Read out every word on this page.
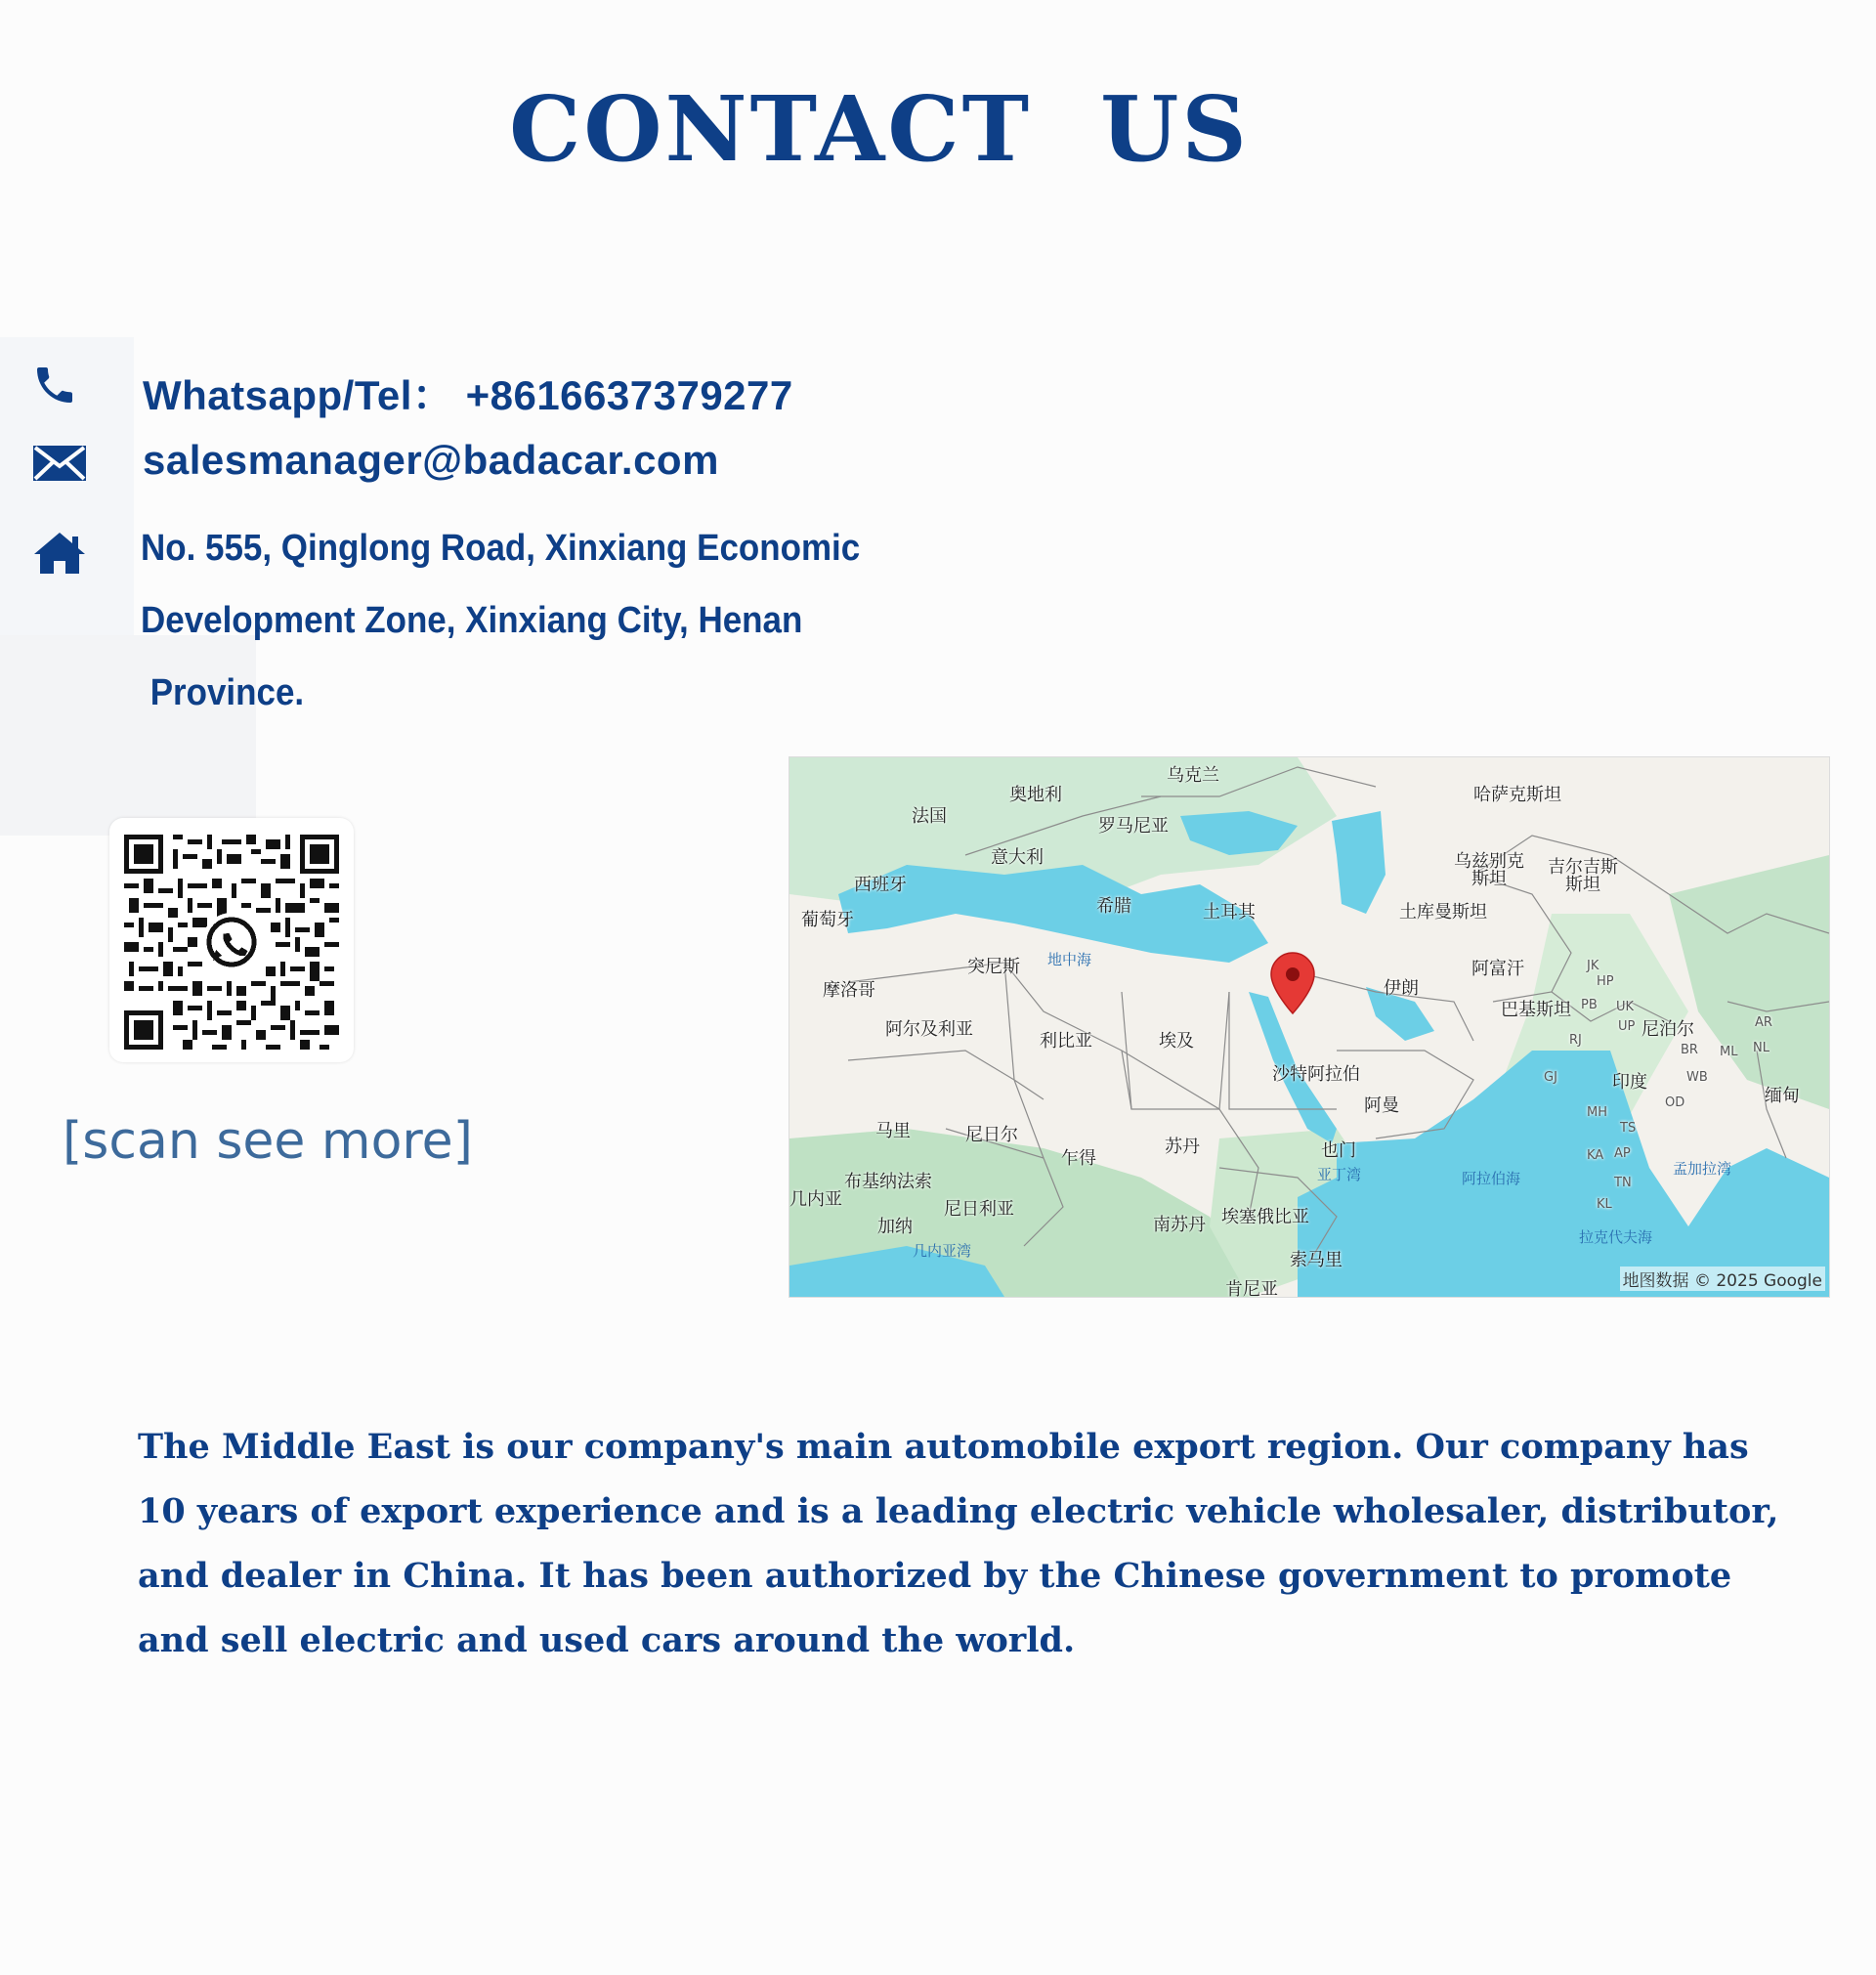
CONTACT  US
Whatsapp/Tel： +8616637379277
salesmanager@badacar.com
No. 555, Qinglong Road, Xinxiang Economic
Development Zone, Xinxiang City, Henan
Province.
[scan see more]
乌克兰
奥地利	哈萨克斯坦
法国	罗马尼亚
意大利	乌兹别克
斯坦
吉尔吉斯
斯坦
西班牙
葡萄牙
希腊	土耳其	土库曼斯坦
突尼斯 地中海
伊朗
阿富汗
摩洛哥
巴基斯坦
JK
HP
PB UK
UP 尼泊尔	AR
NL
RJ
BR ML
阿尔及利亚
利比亚	埃及
沙特阿拉伯	GJ	印度	WB
缅甸
阿曼	OD
MH
马里	尼日尔	TS
苏丹	也门
乍得	KA AP
孟加拉湾
亚丁湾	阿拉伯海
布基纳法索	TN
几内亚	尼日利亚	埃塞俄比亚
KL
加纳	南苏丹
拉克代夫海
几内亚湾	索马里
肯尼亚	地图数据 © 2025 Google

The Middle East is our company's main automobile export region. Our company has 10 years of export experience and is a leading electric vehicle wholesaler, distributor, and dealer in China. It has been authorized by the Chinese government to promote and sell electric and used cars around the world.
